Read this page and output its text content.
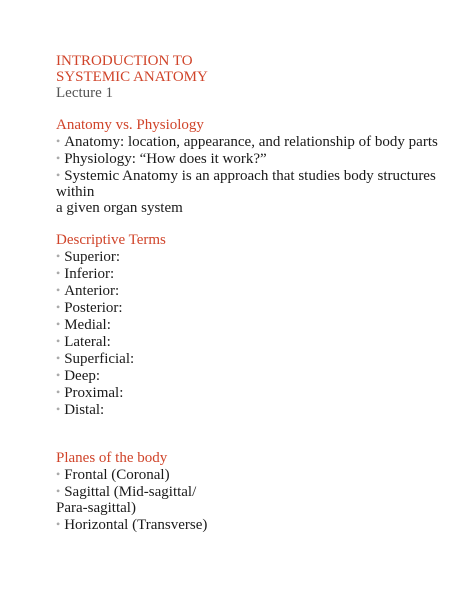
INTRODUCTION TO

SYSTEMIC ANATOMY

Lecture 1

Anatomy vs. Physiology

• Anatomy: location, appearance, and relationship of body parts

• Physiology: “How does it work?”

• Systemic Anatomy is an approach that studies body structures

within

a given organ system

Descriptive Terms

• Superior:

• Inferior:

• Anterior:

• Posterior:

• Medial:

• Lateral:

• Superficial:

• Deep:

• Proximal:

• Distal:

Planes of the body

• Frontal (Coronal)

• Sagittal (Mid-sagittal/

Para-sagittal)

• Horizontal (Transverse)
